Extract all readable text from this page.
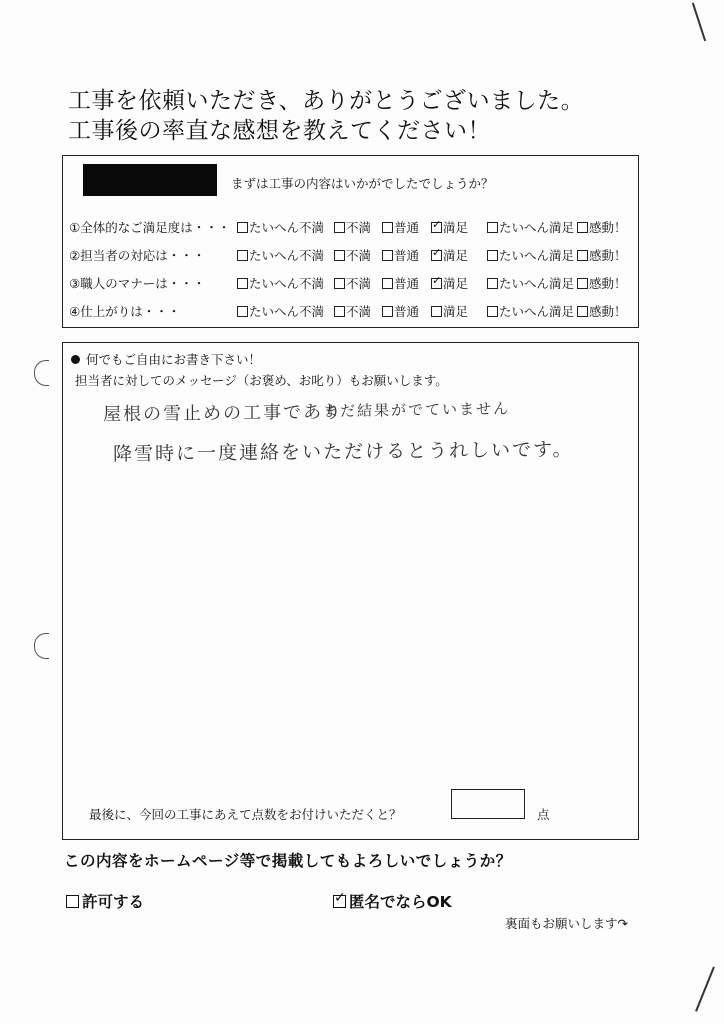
工事を依頼いただき、ありがとうございました。
工事後の率直な感想を教えてください！
まずは工事の内容はいかがでしたでしょうか？
①全体的なご満足度は・・・	たいへん不満	不満	普通 ✓	満足	たいへん満足	感動！
②担当者の対応は・・・	たいへん不満	不満	普通 ✓	満足	たいへん満足	感動！
③職人のマナーは・・・	たいへん不満	不満	普通 ✓	満足	たいへん満足	感動！
④仕上がりは・・・	たいへん不満	不満	普通	満足	たいへん満足	感動！
何でもご自由にお書き下さい！
担当者に対してのメッセージ（お褒め、お叱り）もお願いします。
屋根の雪止めの工事であり
まだ結果がでていません
降雪時に一度連絡をいただけるとうれしいです。
最後に、今回の工事にあえて点数をお付けいただくと？	点
この内容をホームページ等で掲載してもよろしいでしょうか？
許可する ✓	匿名でならOK
裏面もお願いします↷
